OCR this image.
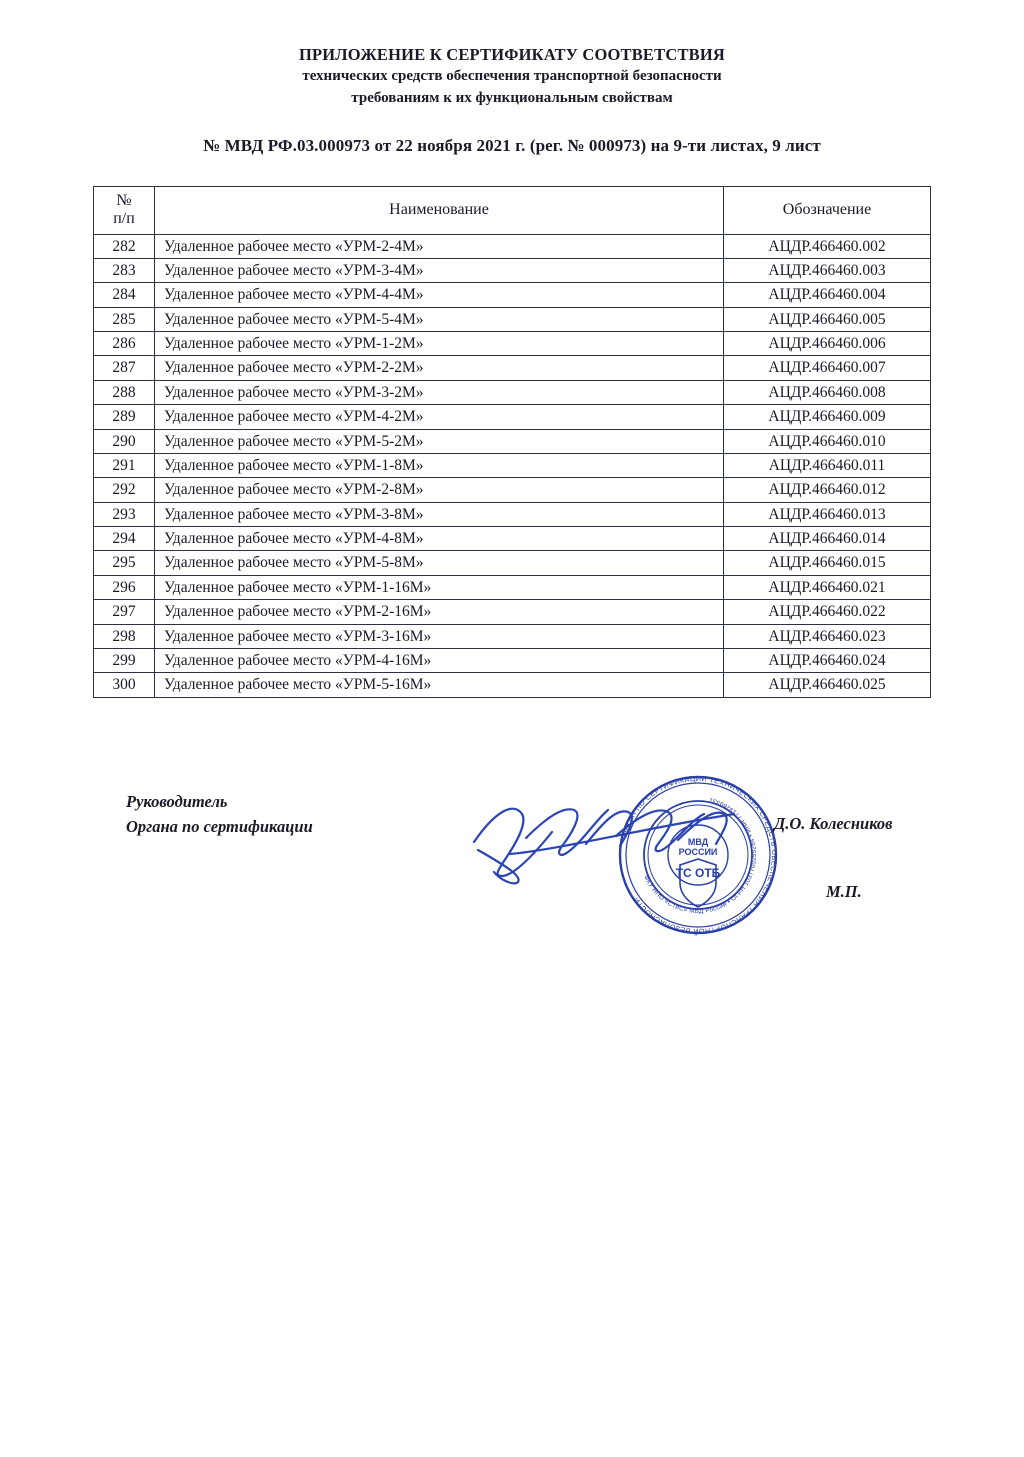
ПРИЛОЖЕНИЕ К СЕРТИФИКАТУ СООТВЕТСТВИЯ
технических средств обеспечения транспортной безопасности
требованиям к их функциональным свойствам
№ МВД РФ.03.000973 от 22 ноября 2021 г. (рег. № 000973) на 9-ти листах, 9 лист
№
п/п	Наименование	Обозначение
282	Удаленное рабочее место «УРМ-2-4М»	АЦДР.466460.002
283	Удаленное рабочее место «УРМ-3-4М»	АЦДР.466460.003
284	Удаленное рабочее место «УРМ-4-4М»	АЦДР.466460.004
285	Удаленное рабочее место «УРМ-5-4М»	АЦДР.466460.005
286	Удаленное рабочее место «УРМ-1-2М»	АЦДР.466460.006
287	Удаленное рабочее место «УРМ-2-2М»	АЦДР.466460.007
288	Удаленное рабочее место «УРМ-3-2М»	АЦДР.466460.008
289	Удаленное рабочее место «УРМ-4-2М»	АЦДР.466460.009
290	Удаленное рабочее место «УРМ-5-2М»	АЦДР.466460.010
291	Удаленное рабочее место «УРМ-1-8М»	АЦДР.466460.011
292	Удаленное рабочее место «УРМ-2-8М»	АЦДР.466460.012
293	Удаленное рабочее место «УРМ-3-8М»	АЦДР.466460.013
294	Удаленное рабочее место «УРМ-4-8М»	АЦДР.466460.014
295	Удаленное рабочее место «УРМ-5-8М»	АЦДР.466460.015
296	Удаленное рабочее место «УРМ-1-16М»	АЦДР.466460.021
297	Удаленное рабочее место «УРМ-2-16М»	АЦДР.466460.022
298	Удаленное рабочее место «УРМ-3-16М»	АЦДР.466460.023
299	Удаленное рабочее место «УРМ-4-16М»	АЦДР.466460.024
300	Удаленное рабочее место «УРМ-5-16М»	АЦДР.466460.025
Руководитель
Органа по сертификации	ОРГАН ПО СЕРТИФИКАЦИИ ТЕХНИЧЕСКИХ СРЕДСТВ ОБЕСПЕЧЕНИЯ ТРАНСПОРТНОЙ БЕЗОПАСНОСТИ
ФКУ НПО «СТиС» МВД России • ОГРН 1037700255284 • ИНН 7719269331
МВД
РОССИИ
ТС ОТБ
Д.О. Колесников
М.П.
